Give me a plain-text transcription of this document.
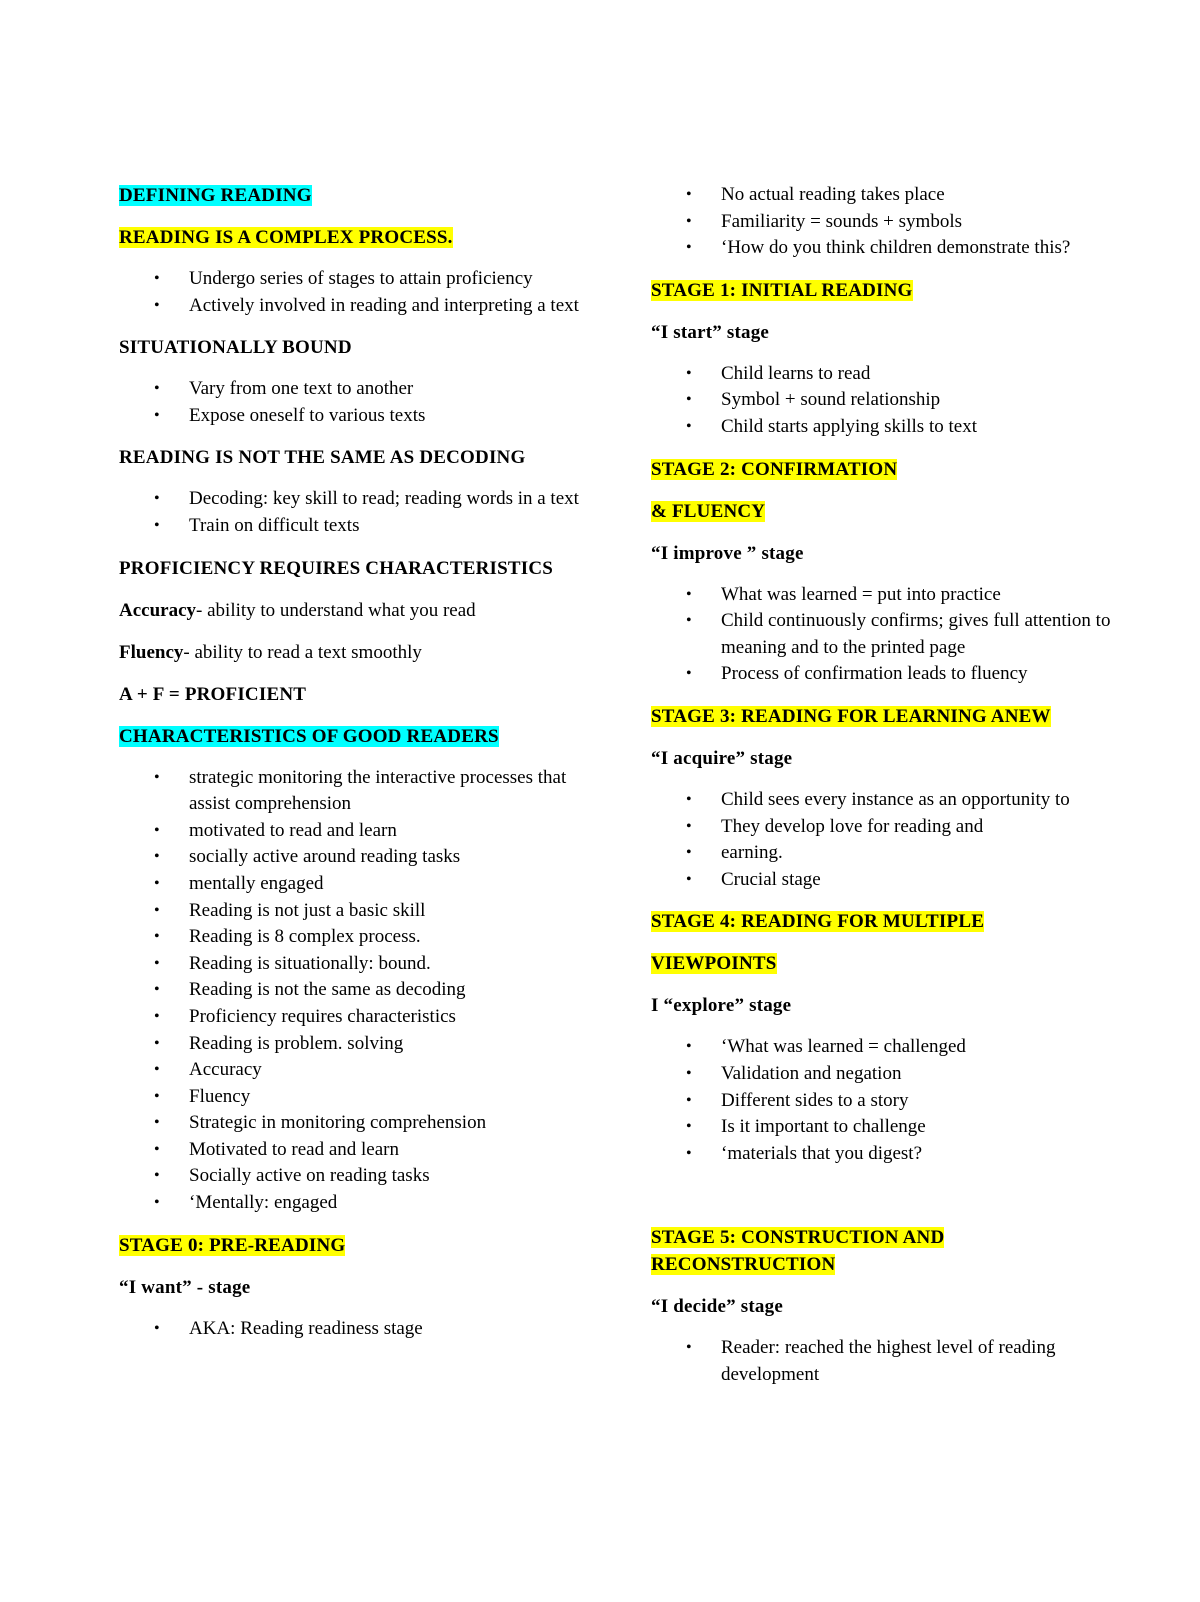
DEFINING READING
READING IS A COMPLEX PROCESS.
• Undergo series of stages to attain proficiency
• Actively involved in reading and interpreting a text
SITUATIONALLY BOUND
• Vary from one text to another
• Expose oneself to various texts
READING IS NOT THE SAME AS DECODING
• Decoding: key skill to read; reading words in a text
• Train on difficult texts
PROFICIENCY REQUIRES CHARACTERISTICS
Accuracy- ability to understand what you read
Fluency- ability to read a text smoothly
A + F = PROFICIENT
CHARACTERISTICS OF GOOD READERS
• strategic monitoring the interactive processes that assist comprehension
• motivated to read and learn
• socially active around reading tasks
• mentally engaged
• Reading is not just a basic skill
• Reading is 8 complex process.
• Reading is situationally: bound.
• Reading is not the same as decoding
• Proficiency requires characteristics
• Reading is problem. solving
• Accuracy
• Fluency
• Strategic in monitoring comprehension
• Motivated to read and learn
• Socially active on reading tasks
• ‘Mentally: engaged
STAGE 0: PRE-READING
“I want” - stage
• AKA: Reading readiness stage
• No actual reading takes place
• Familiarity = sounds + symbols
• ‘How do you think children demonstrate this?
STAGE 1: INITIAL READING
“I start” stage
• Child learns to read
• Symbol + sound relationship
• Child starts applying skills to text
STAGE 2: CONFIRMATION
& FLUENCY
“I improve ” stage
• What was learned = put into practice
• Child continuously confirms; gives full attention to meaning and to the printed page
• Process of confirmation leads to fluency
STAGE 3: READING FOR LEARNING ANEW
“I acquire” stage
• Child sees every instance as an opportunity to
• They develop love for reading and
• earning.
• Crucial stage
STAGE 4: READING FOR MULTIPLE
VIEWPOINTS
I “explore” stage
• ‘What was learned = challenged
• Validation and negation
• Different sides to a story
• Is it important to challenge
• ‘materials that you digest?
STAGE 5: CONSTRUCTION AND RECONSTRUCTION
“I decide” stage
• Reader: reached the highest level of reading development
